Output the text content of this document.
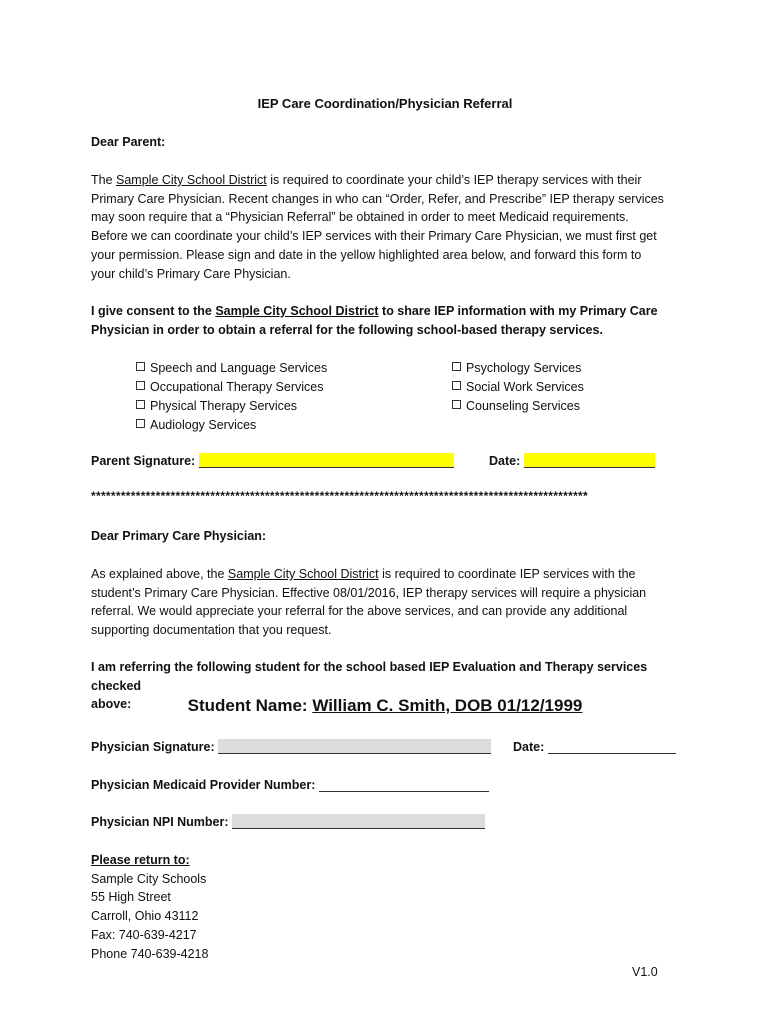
IEP Care Coordination/Physician Referral
Dear Parent:
The Sample City School District is required to coordinate your child’s IEP therapy services with their
Primary Care Physician. Recent changes in who can “Order, Refer, and Prescribe” IEP therapy services
may soon require that a “Physician Referral” be obtained in order to meet Medicaid requirements.
Before we can coordinate your child’s IEP services with their Primary Care Physician, we must first get
your permission. Please sign and date in the yellow highlighted area below, and forward this form to
your child’s Primary Care Physician.
I give consent to the Sample City School District to share IEP information with my Primary Care
Physician in order to obtain a referral for the following school-based therapy services.
Speech and Language Services
Occupational Therapy Services
Physical Therapy Services
Audiology Services
Psychology Services
Social Work Services
Counseling Services
Parent Signature:	Date:
****************************************************************************************************
Dear Primary Care Physician:
As explained above, the Sample City School District is required to coordinate IEP services with the
student’s Primary Care Physician. Effective 08/01/2016, IEP therapy services will require a physician
referral. We would appreciate your referral for the above services, and can provide any additional
supporting documentation that you request.
I am referring the following student for the school based IEP Evaluation and Therapy services checked
above:	Student Name: William C. Smith, DOB 01/12/1999
Physician Signature:	Date:
Physician Medicaid Provider Number:
Physician NPI Number:
Please return to:
Sample City Schools
55 High Street
Carroll, Ohio 43112
Fax: 740-639-4217
Phone 740-639-4218
V1.0
